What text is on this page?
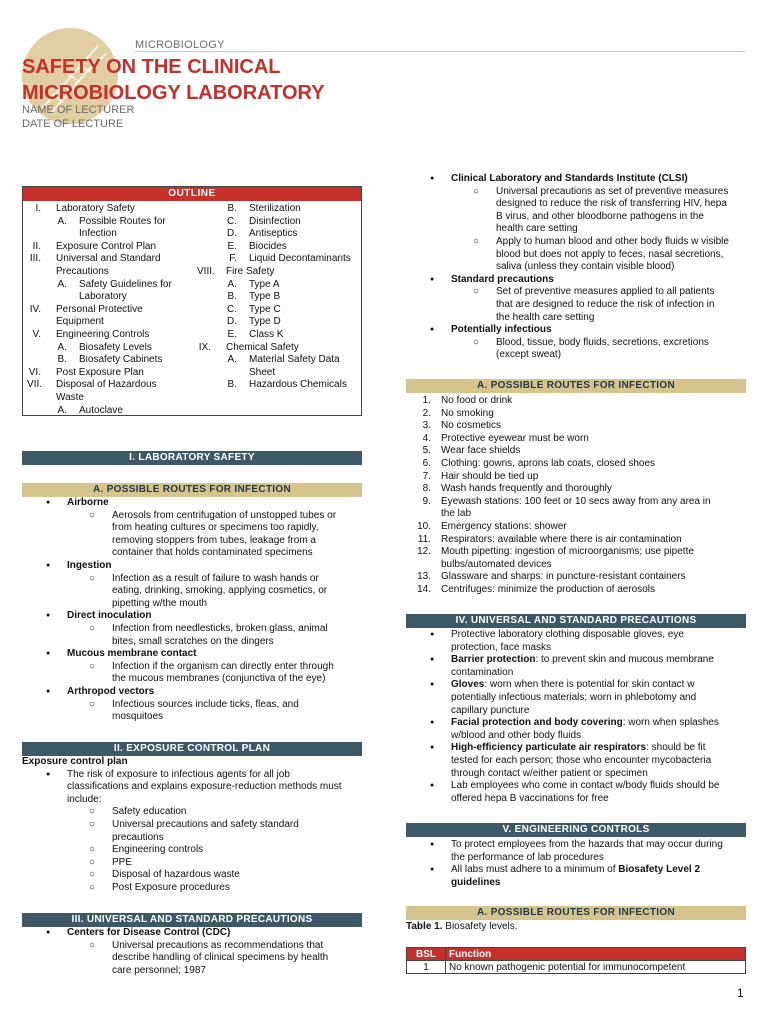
MICROBIOLOGY
SAFETY ON THE CLINICAL
MICROBIOLOGY LABORATORY
NAME OF LECTURER
DATE OF LECTURE
OUTLINE
I.	Laboratory Safety
A.	Possible Routes for
Infection
II.	Exposure Control Plan
III.	Universal and Standard
Precautions
A.	Safety Guidelines for
Laboratory
IV.	Personal Protective
Equipment
V.	Engineering Controls
A.	Biosafety Levels
B.	Biosafety Cabinets
VI.	Post Exposure Plan
VII.	Disposal of Hazardous
Waste
A.	Autoclave
B.	Sterilization
C.	Disinfection
D.	Antiseptics
E.	Biocides
F.	Liquid Decontaminants
VIII.	Fire Safety
A.	Type A
B.	Type B
C.	Type C
D.	Type D
E.	Class K
IX.	Chemical Safety
A.	Material Safety Data
Sheet
B.	Hazardous Chemicals
I. LABORATORY SAFETY
A. POSSIBLE ROUTES FOR INFECTION
● Airborne
○ Aerosols from centrifugation of unstopped tubes or
from heating cultures or specimens too rapidly,
removing stoppers from tubes, leakage from a
container that holds contaminated specimens
● Ingestion
○ Infection as a result of failure to wash hands or
eating, drinking, smoking, applying cosmetics, or
pipetting w/the mouth
● Direct inoculation
○ Infection from needlesticks, broken glass, animal
bites, small scratches on the dingers
● Mucous membrane contact
○ Infection if the organism can directly enter through
the mucous membranes (conjunctiva of the eye)
● Arthropod vectors
○ Infectious sources include ticks, fleas, and
mosquitoes
II. EXPOSURE CONTROL PLAN
Exposure control plan
● The risk of exposure to infectious agents for all job
classifications and explains exposure-reduction methods must
include:
○ Safety education
○ Universal precautions and safety standard
precautions
○ Engineering controls
○ PPE
○ Disposal of hazardous waste
○ Post Exposure procedures
III. UNIVERSAL AND STANDARD PRECAUTIONS
● Centers for Disease Control (CDC)
○ Universal precautions as recommendations that
describe handling of clinical specimens by health
care personnel; 1987
● Clinical Laboratory and Standards Institute (CLSI)
○ Universal precautions as set of preventive measures
designed to reduce the risk of transferring HIV, hepa
B virus, and other bloodborne pathogens in the
health care setting
○ Apply to human blood and other body fluids w visible
blood but does not apply to feces, nasal secretions,
saliva (unless they contain visible blood)
● Standard precautions
○ Set of preventive measures applied to all patients
that are designed to reduce the risk of infection in
the health care setting
● Potentially infectious
○ Blood, tissue, body fluids, secretions, excretions
(except sweat)
A. POSSIBLE ROUTES FOR INFECTION
1. No food or drink
2. No smoking
3. No cosmetics
4. Protective eyewear must be worn
5. Wear face shields
6. Clothing: gowns, aprons lab coats, closed shoes
7. Hair should be tied up
8. Wash hands frequently and thoroughly
9. Eyewash stations: 100 feet or 10 secs away from any area in
the lab
10. Emergency stations: shower
11. Respirators: available where there is air contamination
12. Mouth pipetting: ingestion of microorganisms; use pipette
bulbs/automated devices
13. Glassware and sharps: in puncture-resistant containers
14. Centrifuges: minimize the production of aerosols
IV. UNIVERSAL AND STANDARD PRECAUTIONS
● Protective laboratory clothing disposable gloves, eye
protection, face masks
● Barrier protection: to prevent skin and mucous membrane
contamination
● Gloves: worn when there is potential for skin contact w
potentially infectious materials; worn in phlebotomy and
capillary puncture
● Facial protection and body covering: worn when splashes
w/blood and other body fluids
● High-efficiency particulate air respirators: should be fit
tested for each person; those who encounter mycobacteria
through contact w/either patient or specimen
● Lab employees who come in contact w/body fluids should be
offered hepa B vaccinations for free
V. ENGINEERING CONTROLS
● To protect employees from the hazards that may occur during
the performance of lab procedures
● All labs must adhere to a minimum of Biosafety Level 2
guidelines
A. POSSIBLE ROUTES FOR INFECTION
Table 1. Biosafety levels.
BSL	Function
1	No known pathogenic potential for immunocompetent
1
